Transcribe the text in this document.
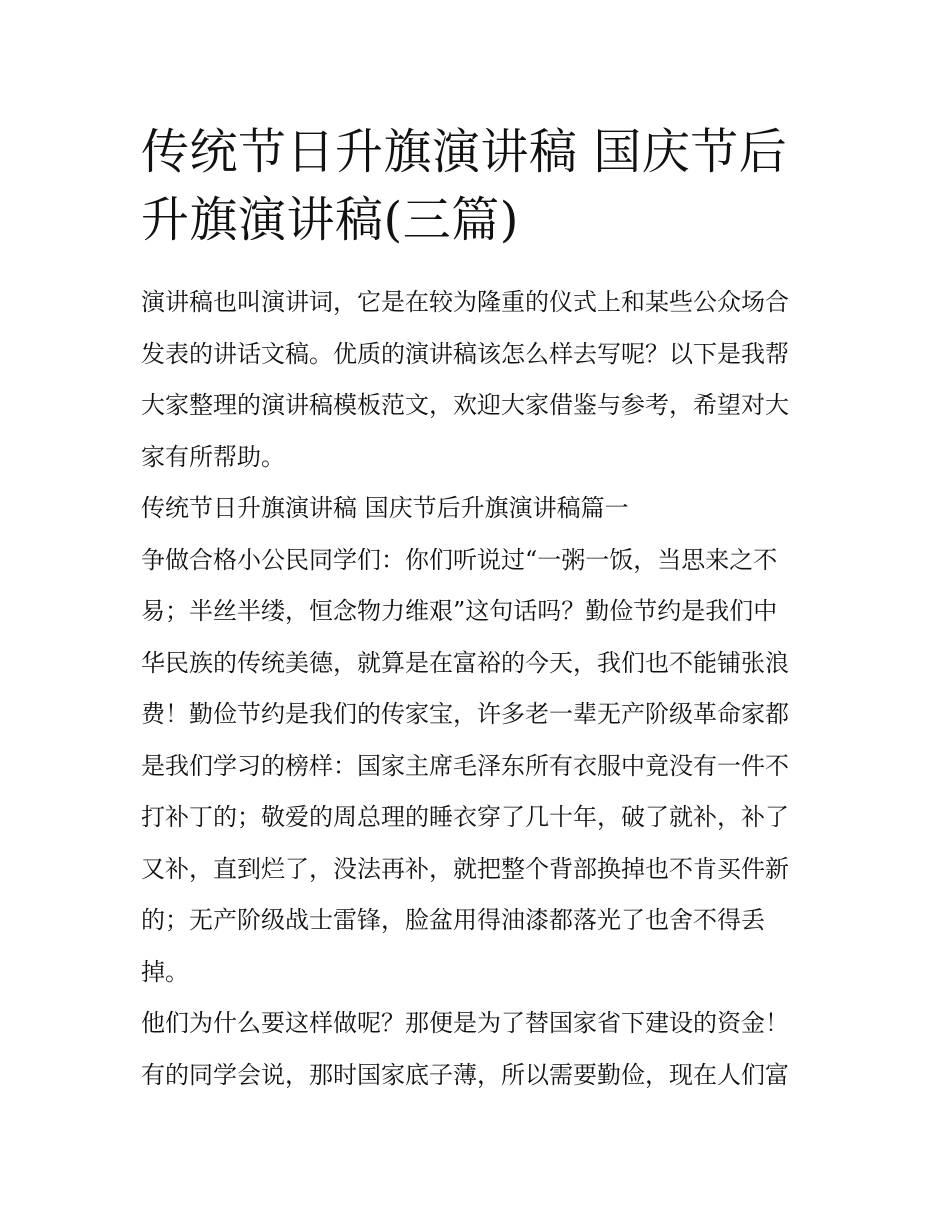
传统节日升旗演讲稿 国庆节后
升旗演讲稿(三篇)
演讲稿也叫演讲词，它是在较为隆重的仪式上和某些公众场合
发表的讲话文稿。优质的演讲稿该怎么样去写呢？以下是我帮
大家整理的演讲稿模板范文，欢迎大家借鉴与参考，希望对大
家有所帮助。
传统节日升旗演讲稿 国庆节后升旗演讲稿篇一
争做合格小公民同学们：你们听说过“一粥一饭，当思来之不
易；半丝半缕，恒念物力维艰”这句话吗？勤俭节约是我们中
华民族的传统美德，就算是在富裕的今天，我们也不能铺张浪
费！勤俭节约是我们的传家宝，许多老一辈无产阶级革命家都
是我们学习的榜样：国家主席毛泽东所有衣服中竟没有一件不
打补丁的；敬爱的周总理的睡衣穿了几十年，破了就补，补了
又补，直到烂了，没法再补，就把整个背部换掉也不肯买件新
的；无产阶级战士雷锋，脸盆用得油漆都落光了也舍不得丢
掉。
他们为什么要这样做呢？那便是为了替国家省下建设的资金！
有的同学会说，那时国家底子薄，所以需要勤俭，现在人们富
